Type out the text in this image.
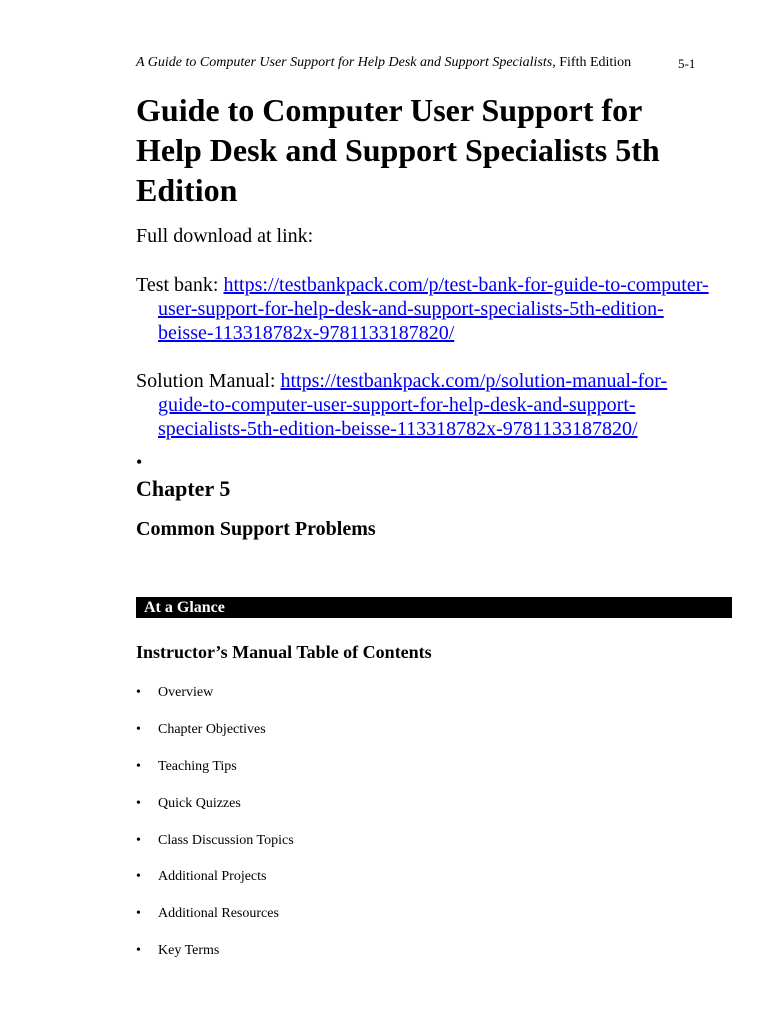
A Guide to Computer User Support for Help Desk and Support Specialists, Fifth Edition	5-1
Guide to Computer User Support for
Help Desk and Support Specialists 5th
Edition
Full download at link:
Test bank: https://testbankpack.com/p/test-bank-for-guide-to-computer-
user-support-for-help-desk-and-support-specialists-5th-edition-
beisse-113318782x-9781133187820/
Solution Manual: https://testbankpack.com/p/solution-manual-for-
guide-to-computer-user-support-for-help-desk-and-support-
specialists-5th-edition-beisse-113318782x-9781133187820/
•
Chapter 5
Common Support Problems
At a Glance
Instructor’s Manual Table of Contents
• Overview
• Chapter Objectives
• Teaching Tips
• Quick Quizzes
• Class Discussion Topics
• Additional Projects
• Additional Resources
• Key Terms
